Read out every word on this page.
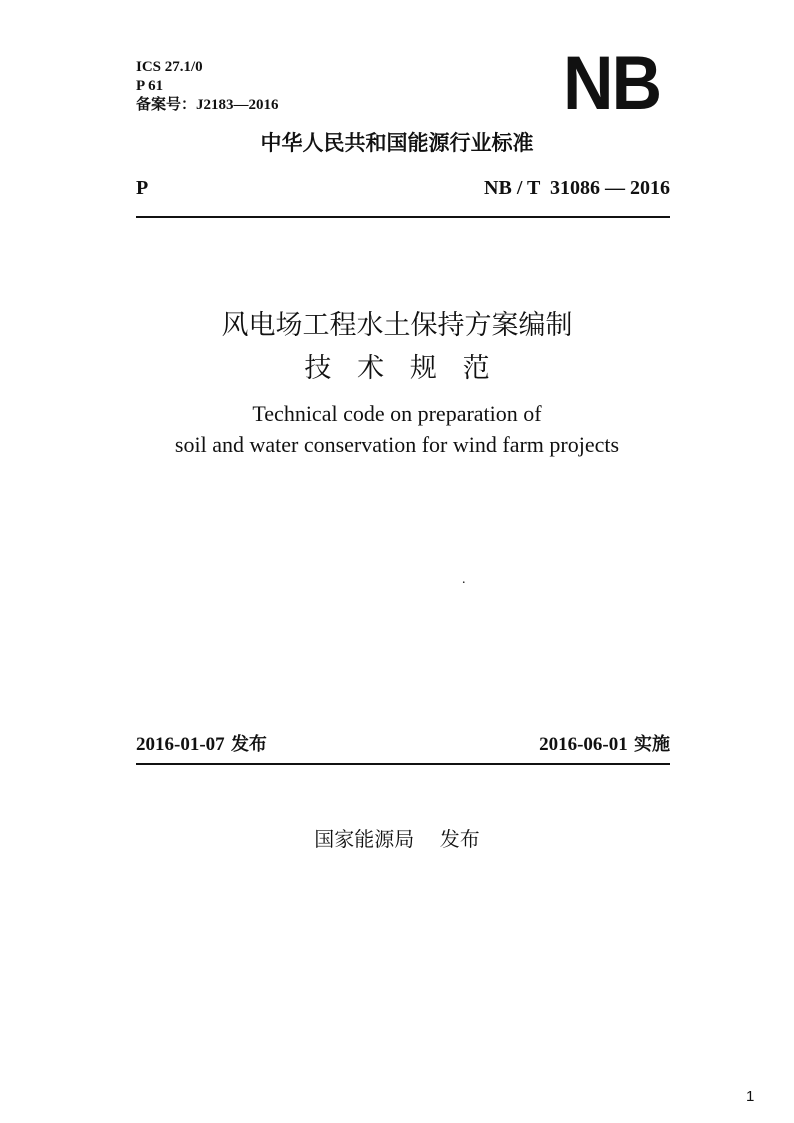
ICS 27.1/0
P 61
备案号：J2183—2016	NB
中华人民共和国能源行业标准
P	NB / T  31086 — 2016
风电场工程水土保持方案编制
技   术   规   范
Technical code on preparation of
soil and water conservation for wind farm projects
.
2016-01-07 发布	2016-06-01 实施
国家能源局    发布
1
